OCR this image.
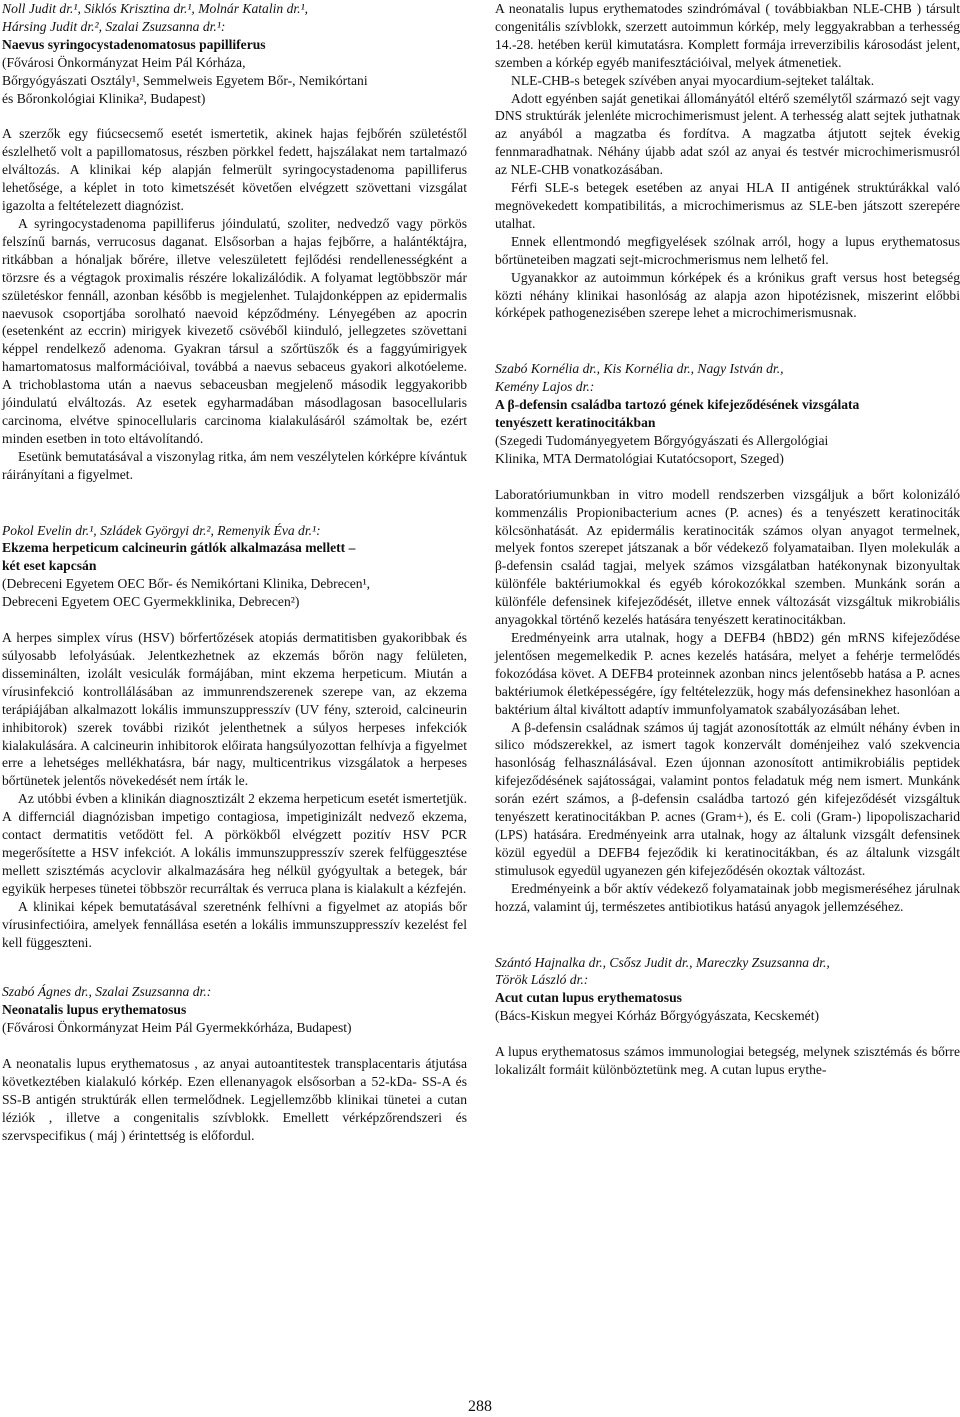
Noll Judit dr.¹, Siklós Krisztina dr.¹, Molnár Katalin dr.¹,

Hársing Judit dr.², Szalai Zsuzsanna dr.¹:

Naevus syringocystadenomatosus papilliferus

(Fővárosi Önkormányzat Heim Pál Kórháza,

Bőrgyógyászati Osztály¹, Semmelweis Egyetem Bőr-, Nemikórtani

és Bőronkológiai Klinika², Budapest)

A szerzők egy fiúcsecsemő esetét ismertetik, akinek hajas fejbőrén születéstől észlelhető volt a papillomatosus, részben pörkkel fedett, hajszálakat nem tartalmazó elváltozás. A klinikai kép alapján felmerült syringocystadenoma papilliferus lehetősége, a képlet in toto kimetszését követően elvégzett szövettani vizsgálat igazolta a feltételezett diagnózist.

A syringocystadenoma papilliferus jóindulatú, szoliter, nedvedző vagy pörkös felszínű barnás, verrucosus daganat. Elsősorban a hajas fejbőrre, a halántéktájra, ritkábban a hónaljak bőrére, illetve veleszületett fejlődési rendellenességként a törzsre és a végtagok proximalis részére lokalizálódik. A folyamat legtöbbször már születéskor fennáll, azonban később is megjelenhet. Tulajdonképpen az epidermalis naevusok csoportjába sorolható naevoid képződmény. Lényegében az apocrin (esetenként az eccrin) mirigyek kivezető csövéből kiinduló, jellegzetes szövettani képpel rendelkező adenoma. Gyakran társul a szőrtüszők és a faggyúmirigyek hamartomatosus malformációival, továbbá a naevus sebaceus gyakori alkotóeleme. A trichoblastoma után a naevus sebaceusban megjelenő második leggyakoribb jóindulatú elváltozás. Az esetek egyharmadában másodlagosan basocellularis carcinoma, elvétve spinocellularis carcinoma kialakulásáról számoltak be, ezért minden esetben in toto eltávolítandó.

Esetünk bemutatásával a viszonylag ritka, ám nem veszélytelen kórképre kívántuk ráirányítani a figyelmet.

Pokol Evelin dr.¹, Szládek Györgyi dr.², Remenyik Éva dr.¹:

Ekzema herpeticum calcineurin gátlók alkalmazása mellett –

két eset kapcsán

(Debreceni Egyetem OEC Bőr- és Nemikórtani Klinika, Debrecen¹,

Debreceni Egyetem OEC Gyermekklinika, Debrecen²)

A herpes simplex vírus (HSV) bőrfertőzések atopiás dermatitisben gyakoribbak és súlyosabb lefolyásúak. Jelentkezhetnek az ekzemás bőrön nagy felületen, disseminálten, izolált vesiculák formájában, mint ekzema herpeticum. Miután a vírusinfekció kontrollálásában az immunrendszerenek szerepe van, az ekzema terápiájában alkalmazott lokális immunszuppresszív (UV fény, szteroid, calcineurin inhibitorok) szerek további rizikót jelenthetnek a súlyos herpeses infekciók kialakulására. A calcineurin inhibitorok előirata hangsúlyozottan felhívja a figyelmet erre a lehetséges mellékhatásra, bár nagy, multicentrikus vizsgálatok a herpeses bőrtünetek jelentős növekedését nem írták le.

Az utóbbi évben a klinikán diagnosztizált 2 ekzema herpeticum esetét ismertetjük. A differnciál diagnózisban impetigo contagiosa, impetiginizált nedvező ekzema, contact dermatitis vetődött fel. A pörkökből elvégzett pozitív HSV PCR megerősítette a HSV infekciót. A lokális immunszuppresszív szerek felfüggesztése mellett szisztémás acyclovir alkalmazására heg nélkül gyógyultak a betegek, bár egyikük herpeses tünetei többször recurráltak és verruca plana is kialakult a kézfején.

A klinikai képek bemutatásával szeretnénk felhívni a figyelmet az atopiás bőr vírusinfectióira, amelyek fennállása esetén a lokális immunszuppresszív kezelést fel kell függeszteni.

Szabó Ágnes dr., Szalai Zsuzsanna dr.:

Neonatalis lupus erythematosus

(Fővárosi Önkormányzat Heim Pál Gyermekkórháza, Budapest)

A neonatalis lupus erythematosus , az anyai autoantitestek transplacentaris átjutása következtében kialakuló kórkép. Ezen ellenanyagok elsősorban a 52-kDa- SS-A és SS-B antigén struktúrák ellen termelődnek. Legjellemzőbb klinikai tünetei a cutan léziók , illetve a congenitalis szívblokk. Emellett vérképzőrendszeri és szervspecifikus ( máj ) érintettség is előfordul.

A neonatalis lupus erythematodes szindrómával ( továbbiakban NLE-CHB ) társult congenitális szívblokk, szerzett autoimmun kórkép, mely leggyakrabban a terhesség 14.-28. hetében kerül kimutatásra. Komplett formája irreverzibilis károsodást jelent, szemben a kórkép egyéb manifesztációival, melyek átmenetiek.

NLE-CHB-s betegek szívében anyai myocardium-sejteket találtak.

Adott egyénben saját genetikai állományától eltérő személytől származó sejt vagy DNS struktúrák jelenléte microchimerismust jelent. A terhesség alatt sejtek juthatnak az anyából a magzatba és fordítva. A magzatba átjutott sejtek évekig fennmaradhatnak. Néhány újabb adat szól az anyai és testvér microchimerismusról az NLE-CHB vonatkozásában.

Férfi SLE-s betegek esetében az anyai HLA II antigének struktúrákkal való megnövekedett kompatibilitás, a microchimerismus az SLE-ben játszott szerepére utalhat.

Ennek ellentmondó megfigyelések szólnak arról, hogy a lupus erythematosus bőrtüneteiben magzati sejt-microchmerismus nem lelhető fel.

Ugyanakkor az autoimmun kórképek és a krónikus graft versus host betegség közti néhány klinikai hasonlóság az alapja azon hipotézisnek, miszerint előbbi kórképek pathogenezisében szerepe lehet a microchimerismusnak.

Szabó Kornélia dr., Kis Kornélia dr., Nagy István dr.,

Kemény Lajos dr.:

A β-defensin családba tartozó gének kifejeződésének vizsgálata

tenyészett keratinocitákban

(Szegedi Tudományegyetem Bőrgyógyászati és Allergológiai

Klinika, MTA Dermatológiai Kutatócsoport, Szeged)

Laboratóriumunkban in vitro modell rendszerben vizsgáljuk a bőrt kolonizáló kommenzális Propionibacterium acnes (P. acnes) és a tenyészett keratinociták kölcsönhatását. Az epidermális keratinociták számos olyan anyagot termelnek, melyek fontos szerepet játszanak a bőr védekező folyamataiban. Ilyen molekulák a β-defensin család tagjai, melyek számos vizsgálatban hatékonynak bizonyultak különféle baktériumokkal és egyéb kórokozókkal szemben. Munkánk során a különféle defensinek kifejeződését, illetve ennek változását vizsgáltuk mikrobiális anyagokkal történő kezelés hatására tenyészett keratinocitákban.

Eredményeink arra utalnak, hogy a DEFB4 (hBD2) gén mRNS kifejeződése jelentősen megemelkedik P. acnes kezelés hatására, melyet a fehérje termelődés fokozódása követ. A DEFB4 proteinnek azonban nincs jelentősebb hatása a P. acnes baktériumok életképességére, így feltételezzük, hogy más defensinekhez hasonlóan a baktérium által kiváltott adaptív immunfolyamatok szabályozásában lehet.

A β-defensin családnak számos új tagját azonosították az elmúlt néhány évben in silico módszerekkel, az ismert tagok konzervált doménjeihez való szekvencia hasonlóság felhasználásával. Ezen újonnan azonosított antimikrobiális peptidek kifejeződésének sajátosságai, valamint pontos feladatuk még nem ismert. Munkánk során ezért számos, a β-defensin családba tartozó gén kifejeződését vizsgáltuk tenyészett keratinocitákban P. acnes (Gram+), és E. coli (Gram-) lipopoliszacharid (LPS) hatására. Eredményeink arra utalnak, hogy az általunk vizsgált defensinek közül egyedül a DEFB4 fejeződik ki keratinocitákban, és az általunk vizsgált stimulusok egyedül ugyanezen gén kifejeződésén okoztak változást.

Eredményeink a bőr aktív védekező folyamatainak jobb megismeréséhez járulnak hozzá, valamint új, természetes antibiotikus hatású anyagok jellemzéséhez.

Szántó Hajnalka dr., Csősz Judit dr., Mareczky Zsuzsanna dr.,

Török László dr.:

Acut cutan lupus erythematosus

(Bács-Kiskun megyei Kórház Bőrgyógyászata, Kecskemét)

A lupus erythematosus számos immunologiai betegség, melynek szisztémás és bőrre lokalizált formáit különböztetünk meg. A cutan lupus erythe-

288
